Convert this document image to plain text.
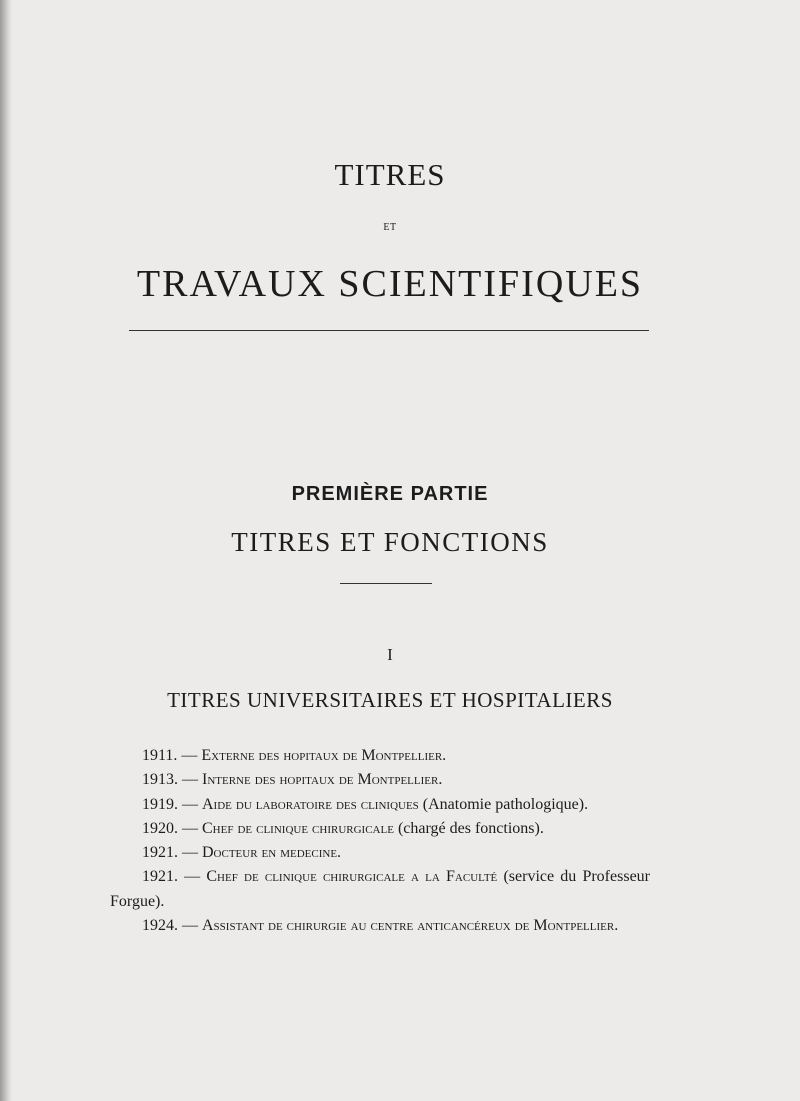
TITRES
ET
TRAVAUX SCIENTIFIQUES
PREMIÈRE PARTIE
TITRES ET FONCTIONS
I
TITRES UNIVERSITAIRES ET HOSPITALIERS
1911. — Externe des hopitaux de Montpellier.
1913. — Interne des hopitaux de Montpellier.
1919. — Aide du laboratoire des cliniques (Anatomie pathologique).
1920. — Chef de clinique chirurgicale (chargé des fonctions).
1921. — Docteur en medecine.
1921. — Chef de clinique chirurgicale a la Faculté (service du Professeur Forgue).
1924. — Assistant de chirurgie au centre anticancéreux de Montpellier.
